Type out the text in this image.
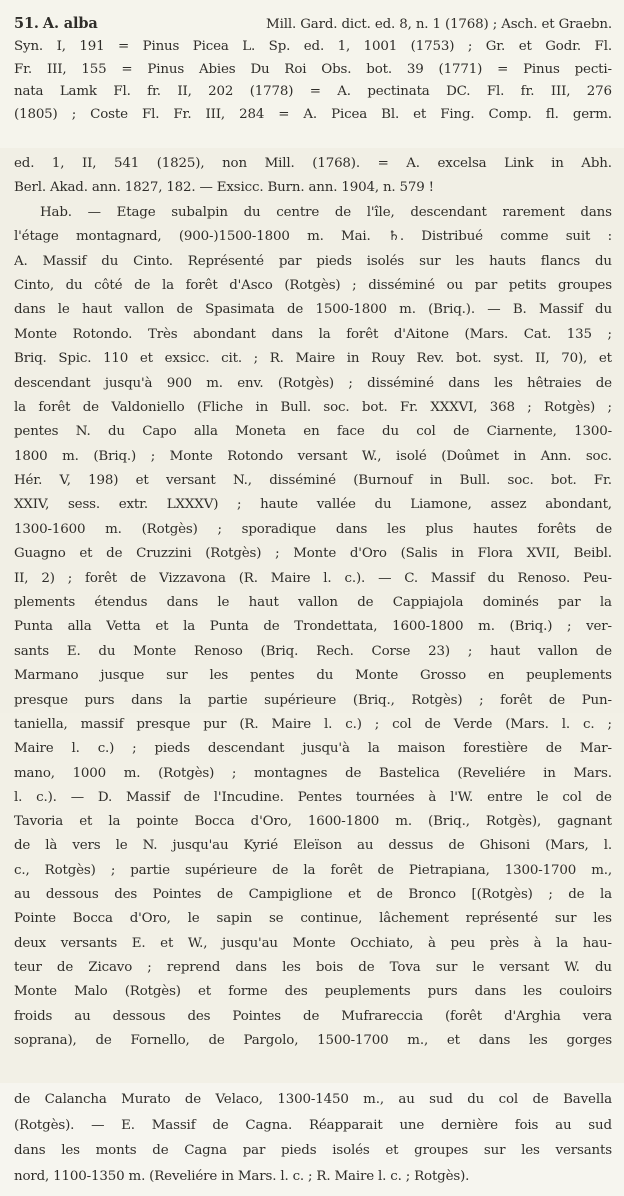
51. A. alba	Mill. Gard. dict. ed. 8, n. 1 (1768) ; Asch. et Graebn.
Syn. I, 191 = Pinus Picea L. Sp. ed. 1, 1001 (1753) ; Gr. et Godr. Fl.
Fr. III, 155 = Pinus Abies Du Roi Obs. bot. 39 (1771) = Pinus pecti-
nata Lamk Fl. fr. II, 202 (1778) = A. pectinata DC. Fl. fr. III, 276
(1805) ; Coste Fl. Fr. III, 284 = A. Picea Bl. et Fing. Comp. fl. germ.
ed. 1, II, 541 (1825), non Mill. (1768). = A. excelsa Link in Abh.
Berl. Akad. ann. 1827, 182. — Exsicc. Burn. ann. 1904, n. 579 !
Hab. — Etage subalpin du centre de l'île, descendant rarement dans
l'étage montagnard, (900-)1500-1800 m. Mai. ♄. Distribué comme suit :
A. Massif du Cinto. Représenté par pieds isolés sur les hauts flancs du
Cinto, du côté de la forêt d'Asco (Rotgès) ; disséminé ou par petits groupes
dans le haut vallon de Spasimata de 1500-1800 m. (Briq.). — B. Massif du
Monte Rotondo. Très abondant dans la forêt d'Aitone (Mars. Cat. 135 ;
Briq. Spic. 110 et exsicc. cit. ; R. Maire in Rouy Rev. bot. syst. II, 70), et
descendant jusqu'à 900 m. env. (Rotgès) ; disséminé dans les hêtraies de
la forêt de Valdoniello (Fliche in Bull. soc. bot. Fr. XXXVI, 368 ; Rotgès) ;
pentes N. du Capo alla Moneta en face du col de Ciarnente, 1300-
1800 m. (Briq.) ; Monte Rotondo versant W., isolé (Doûmet in Ann. soc.
Hér. V, 198) et versant N., disséminé (Burnouf in Bull. soc. bot. Fr.
XXIV, sess. extr. LXXXV) ; haute vallée du Liamone, assez abondant,
1300-1600 m. (Rotgès) ; sporadique dans les plus hautes forêts de
Guagno et de Cruzzini (Rotgès) ; Monte d'Oro (Salis in Flora XVII, Beibl.
II, 2) ; forêt de Vizzavona (R. Maire l. c.). — C. Massif du Renoso. Peu-
plements étendus dans le haut vallon de Cappiajola dominés par la
Punta alla Vetta et la Punta de Trondettata, 1600-1800 m. (Briq.) ; ver-
sants E. du Monte Renoso (Briq. Rech. Corse 23) ; haut vallon de
Marmano jusque sur les pentes du Monte Grosso en peuplements
presque purs dans la partie supérieure (Briq., Rotgès) ; forêt de Pun-
taniella, massif presque pur (R. Maire l. c.) ; col de Verde (Mars. l. c. ;
Maire l. c.) ; pieds descendant jusqu'à la maison forestière de Mar-
mano, 1000 m. (Rotgès) ; montagnes de Bastelica (Reveliére in Mars.
l. c.). — D. Massif de l'Incudine. Pentes tournées à l'W. entre le col de
Tavoria et la pointe Bocca d'Oro, 1600-1800 m. (Briq., Rotgès), gagnant
de là vers le N. jusqu'au Kyrié Eleïson au dessus de Ghisoni (Mars, l.
c., Rotgès) ; partie supérieure de la forêt de Pietrapiana, 1300-1700 m.,
au dessous des Pointes de Campiglione et de Bronco [(Rotgès) ; de la
Pointe Bocca d'Oro, le sapin se continue, lâchement représenté sur les
deux versants E. et W., jusqu'au Monte Occhiato, à peu près à la hau-
teur de Zicavo ; reprend dans les bois de Tova sur le versant W. du
Monte Malo (Rotgès) et forme des peuplements purs dans les couloirs
froids au dessous des Pointes de Mufrareccia (forêt d'Arghia vera
soprana), de Fornello, de Pargolo, 1500-1700 m., et dans les gorges
de Calancha Murato de Velaco, 1300-1450 m., au sud du col de Bavella
(Rotgès). — E. Massif de Cagna. Réapparait une dernière fois au sud
dans les monts de Cagna par pieds isolés et groupes sur les versants
nord, 1100-1350 m. (Reveliére in Mars. l. c. ; R. Maire l. c. ; Rotgès).
